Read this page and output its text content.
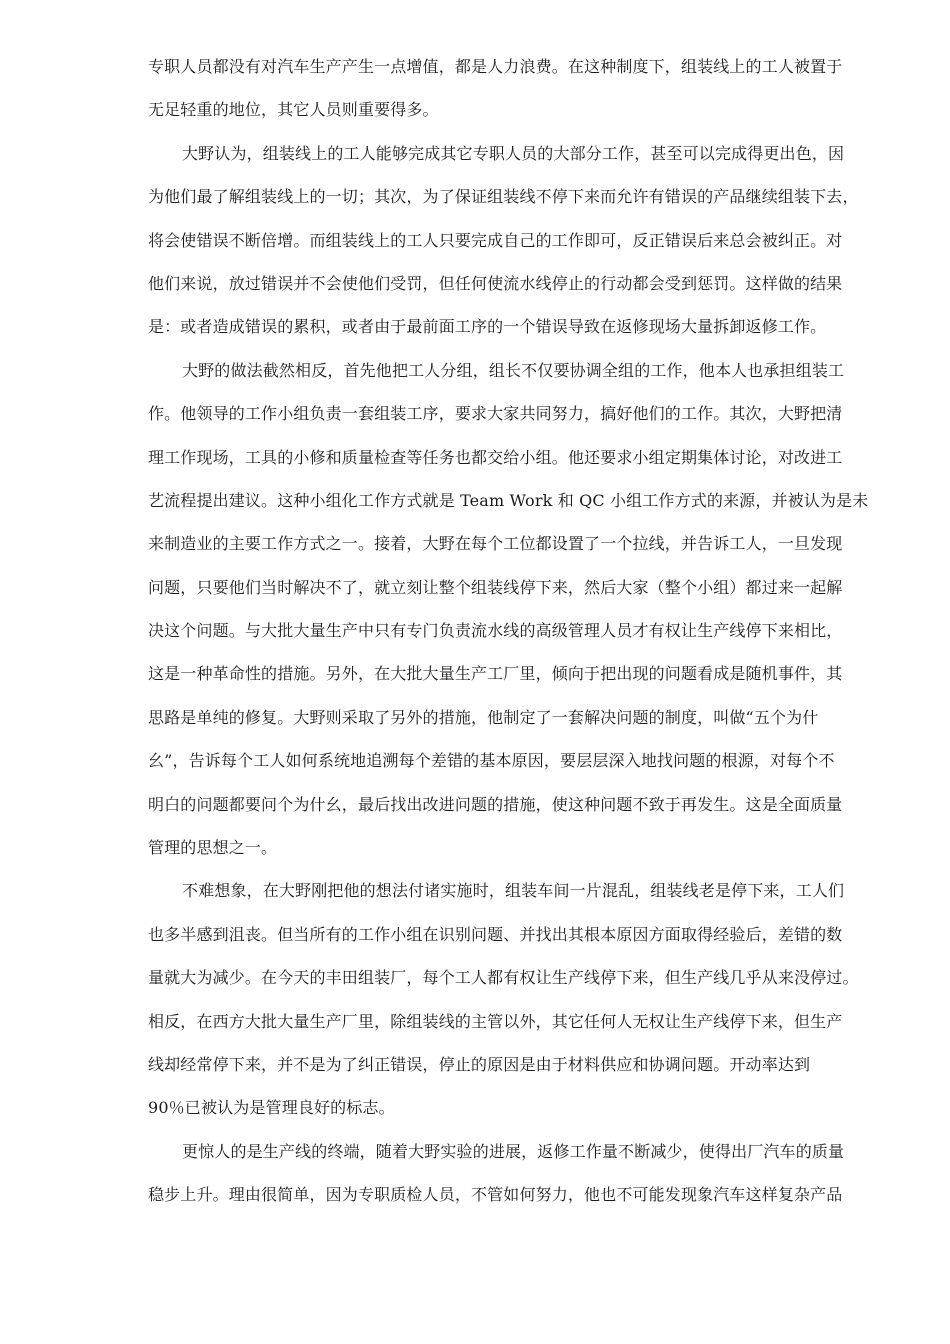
专职人员都没有对汽车生产产生一点增值，都是人力浪费。在这种制度下，组装线上的工人被置于
无足轻重的地位，其它人员则重要得多。
大野认为，组装线上的工人能够完成其它专职人员的大部分工作，甚至可以完成得更出色，因
为他们最了解组装线上的一切；其次，为了保证组装线不停下来而允许有错误的产品继续组装下去，
将会使错误不断倍增。而组装线上的工人只要完成自己的工作即可，反正错误后来总会被纠正。对
他们来说，放过错误并不会使他们受罚，但任何使流水线停止的行动都会受到惩罚。这样做的结果
是：或者造成错误的累积，或者由于最前面工序的一个错误导致在返修现场大量拆卸返修工作。
大野的做法截然相反，首先他把工人分组，组长不仅要协调全组的工作，他本人也承担组装工
作。他领导的工作小组负责一套组装工序，要求大家共同努力，搞好他们的工作。其次，大野把清
理工作现场，工具的小修和质量检查等任务也都交给小组。他还要求小组定期集体讨论，对改进工
艺流程提出建议。这种小组化工作方式就是 Team Work 和 QC 小组工作方式的来源，并被认为是未
来制造业的主要工作方式之一。接着，大野在每个工位都设置了一个拉线，并告诉工人，一旦发现
问题，只要他们当时解决不了，就立刻让整个组装线停下来，然后大家（整个小组）都过来一起解
决这个问题。与大批大量生产中只有专门负责流水线的高级管理人员才有权让生产线停下来相比，
这是一种革命性的措施。另外，在大批大量生产工厂里，倾向于把出现的问题看成是随机事件，其
思路是单纯的修复。大野则采取了另外的措施，他制定了一套解决问题的制度，叫做“五个为什
幺”，告诉每个工人如何系统地追溯每个差错的基本原因，要层层深入地找问题的根源，对每个不
明白的问题都要问个为什幺，最后找出改进问题的措施，使这种问题不致于再发生。这是全面质量
管理的思想之一。
不难想象，在大野刚把他的想法付诸实施时，组装车间一片混乱，组装线老是停下来，工人们
也多半感到沮丧。但当所有的工作小组在识别问题、并找出其根本原因方面取得经验后，差错的数
量就大为减少。在今天的丰田组装厂，每个工人都有权让生产线停下来，但生产线几乎从来没停过。
相反，在西方大批大量生产厂里，除组装线的主管以外，其它任何人无权让生产线停下来，但生产
线却经常停下来，并不是为了纠正错误，停止的原因是由于材料供应和协调问题。开动率达到
90％已被认为是管理良好的标志。
更惊人的是生产线的终端，随着大野实验的进展，返修工作量不断减少，使得出厂汽车的质量
稳步上升。理由很简单，因为专职质检人员，不管如何努力，他也不可能发现象汽车这样复杂产品
